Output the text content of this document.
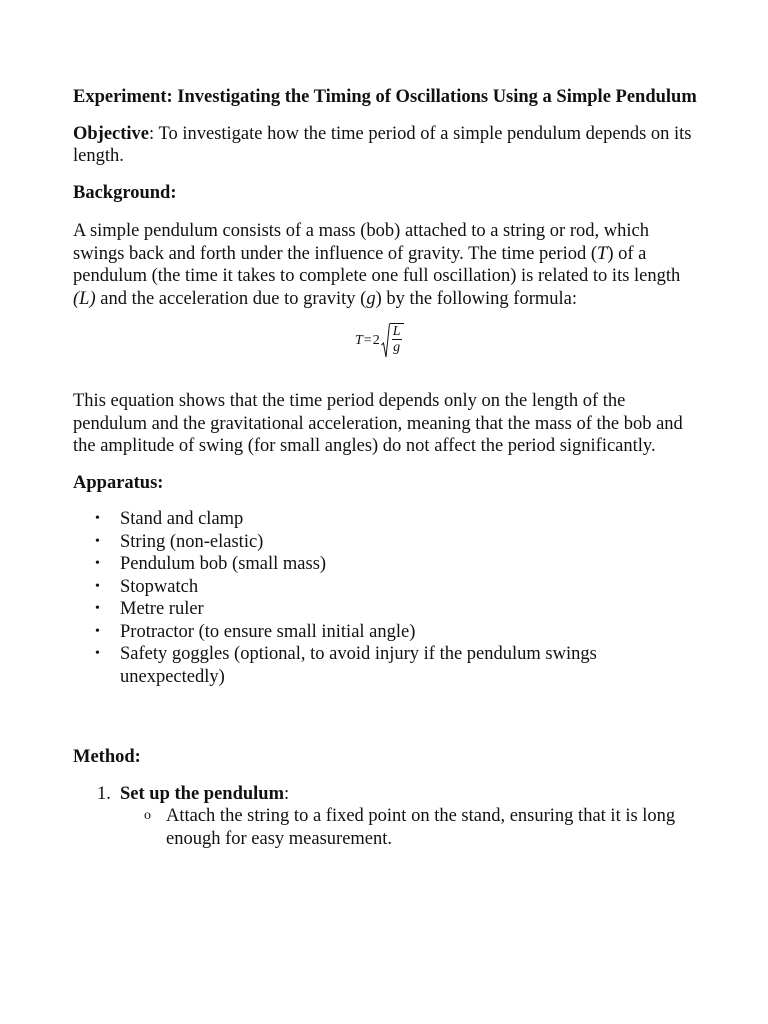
Experiment: Investigating the Timing of Oscillations Using a Simple Pendulum

Objective: To investigate how the time period of a simple pendulum depends on its length.

Background:

A simple pendulum consists of a mass (bob) attached to a string or rod, which swings back and forth under the influence of gravity. The time period (T) of a pendulum (the time it takes to complete one full oscillation) is related to its length (L) and the acceleration due to gravity (g) by the following formula:

$T = 2 \frac{L}{g}$

This equation shows that the time period depends only on the length of the pendulum and the gravitational acceleration, meaning that the mass of the bob and the amplitude of swing (for small angles) do not affect the period significantly.

Apparatus:

• Stand and clamp
• String (non-elastic)
• Pendulum bob (small mass)
• Stopwatch
• Metre ruler
• Protractor (to ensure small initial angle)
• Safety goggles (optional, to avoid injury if the pendulum swings unexpectedly)

Method:

1. Set up the pendulum:
o Attach the string to a fixed point on the stand, ensuring that it is long enough for easy measurement.
